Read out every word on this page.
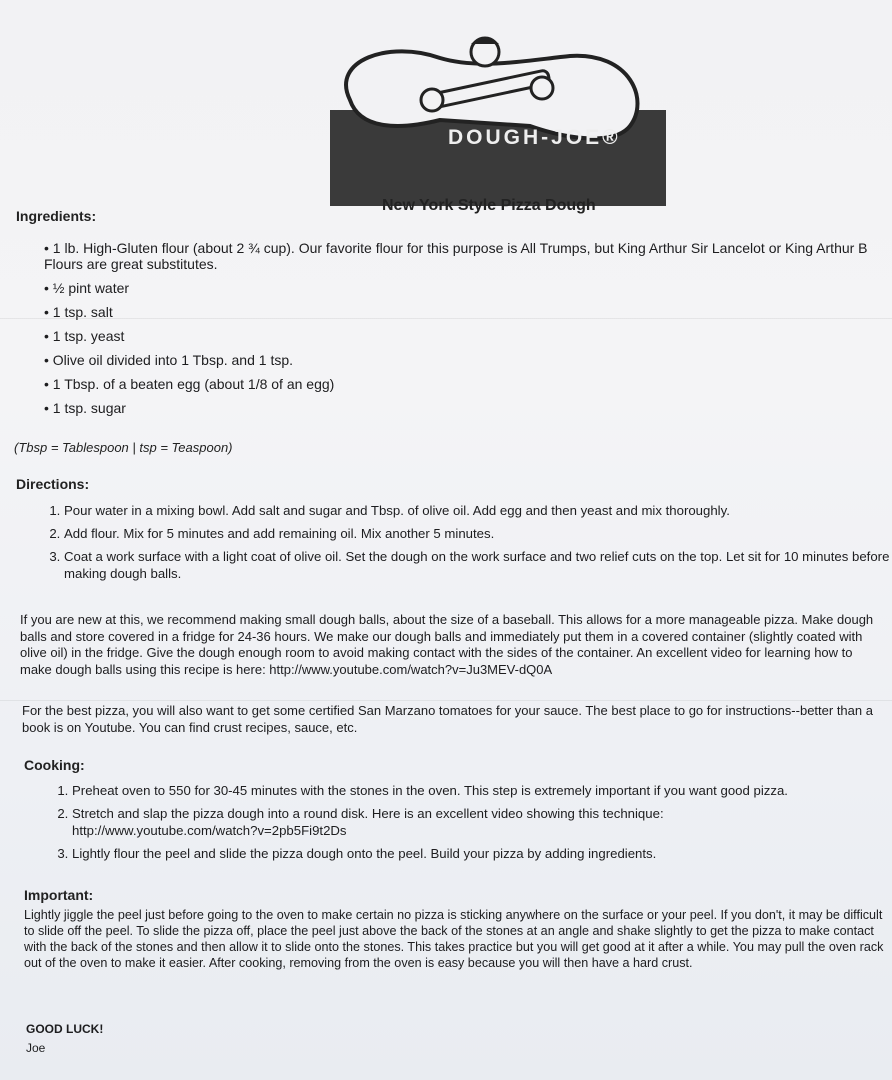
DOUGH-JOE®
Ingredients:
New York Style Pizza Dough
• 1 lb. High-Gluten flour (about 2 ¾ cup). Our favorite flour for this purpose is All Trumps, but King Arthur Sir Lancelot or King Arthur B Flours are great substitutes.
• ½ pint water
• 1 tsp. salt
• 1 tsp. yeast
• Olive oil divided into 1 Tbsp. and 1 tsp.
• 1 Tbsp. of a beaten egg (about 1/8 of an egg)
• 1 tsp. sugar
(Tbsp = Tablespoon | tsp = Teaspoon)
Directions:
1. Pour water in a mixing bowl. Add salt and sugar and Tbsp. of olive oil. Add egg and then yeast and mix thoroughly.
2. Add flour. Mix for 5 minutes and add remaining oil. Mix another 5 minutes.
3. Coat a work surface with a light coat of olive oil. Set the dough on the work surface and two relief cuts on the top. Let sit for 10 minutes before making dough balls.
If you are new at this, we recommend making small dough balls, about the size of a baseball. This allows for a more manageable pizza. Make dough balls and store covered in a fridge for 24-36 hours. We make our dough balls and immediately put them in a covered container (slightly coated with olive oil) in the fridge. Give the dough enough room to avoid making contact with the sides of the container. An excellent video for learning how to make dough balls using this recipe is here: http://www.youtube.com/watch?v=Ju3MEV-dQ0A
For the best pizza, you will also want to get some certified San Marzano tomatoes for your sauce. The best place to go for instructions--better than a book is on Youtube. You can find crust recipes, sauce, etc.
Cooking:
1. Preheat oven to 550 for 30-45 minutes with the stones in the oven. This step is extremely important if you want good pizza.
2. Stretch and slap the pizza dough into a round disk. Here is an excellent video showing this technique: http://www.youtube.com/watch?v=2pb5Fi9t2Ds
3. Lightly flour the peel and slide the pizza dough onto the peel. Build your pizza by adding ingredients.
Important:
Lightly jiggle the peel just before going to the oven to make certain no pizza is sticking anywhere on the surface or your peel. If you don't, it may be difficult to slide off the peel. To slide the pizza off, place the peel just above the back of the stones at an angle and shake slightly to get the pizza to make contact with the back of the stones and then allow it to slide onto the stones. This takes practice but you will get good at it after a while. You may pull the oven rack out of the oven to make it easier. After cooking, removing from the oven is easy because you will then have a hard crust.
GOOD LUCK!
Joe
